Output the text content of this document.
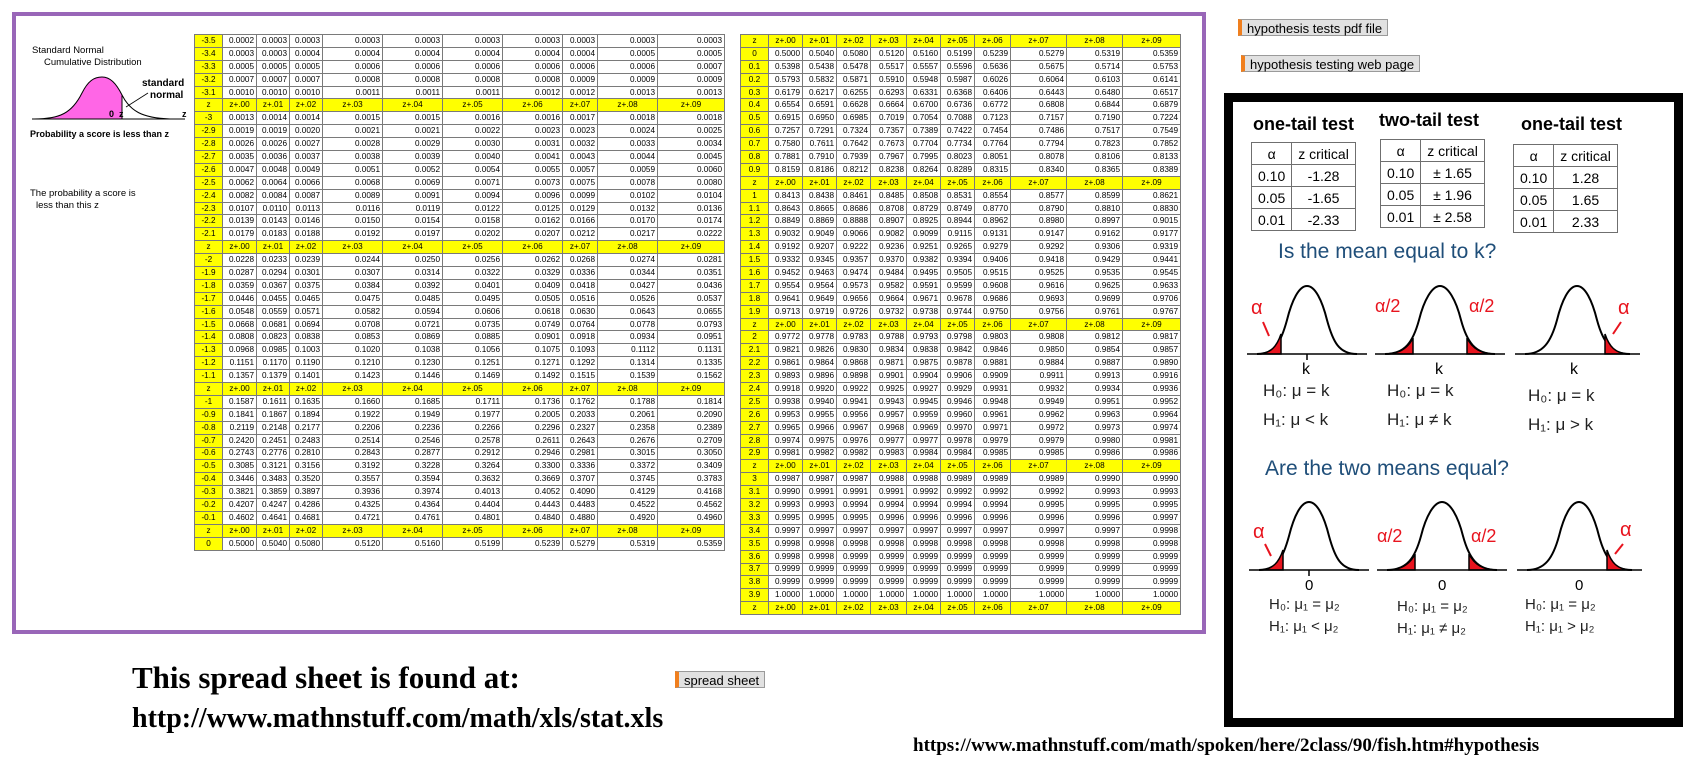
Standard Normal
Cumulative Distribution
standard
normal
0 z	z
Probability a score is less than z
The probability a score is
less than this z
-3.5	0.0002	0.0003	0.0003	0.0003	0.0003	0.0003	0.0003	0.0003	0.0003	0.0003
-3.4	0.0003	0.0003	0.0004	0.0004	0.0004	0.0004	0.0004	0.0004	0.0005	0.0005
-3.3	0.0005	0.0005	0.0005	0.0006	0.0006	0.0006	0.0006	0.0006	0.0006	0.0007
-3.2	0.0007	0.0007	0.0007	0.0008	0.0008	0.0008	0.0008	0.0009	0.0009	0.0009
-3.1	0.0010	0.0010	0.0010	0.0011	0.0011	0.0011	0.0012	0.0012	0.0013	0.0013
z	z+.00	z+.01	z+.02	z+.03	z+.04	z+.05	z+.06	z+.07	z+.08	z+.09
-3	0.0013	0.0014	0.0014	0.0015	0.0015	0.0016	0.0016	0.0017	0.0018	0.0018
-2.9	0.0019	0.0019	0.0020	0.0021	0.0021	0.0022	0.0023	0.0023	0.0024	0.0025
-2.8	0.0026	0.0026	0.0027	0.0028	0.0029	0.0030	0.0031	0.0032	0.0033	0.0034
-2.7	0.0035	0.0036	0.0037	0.0038	0.0039	0.0040	0.0041	0.0043	0.0044	0.0045
-2.6	0.0047	0.0048	0.0049	0.0051	0.0052	0.0054	0.0055	0.0057	0.0059	0.0060
-2.5	0.0062	0.0064	0.0066	0.0068	0.0069	0.0071	0.0073	0.0075	0.0078	0.0080
-2.4	0.0082	0.0084	0.0087	0.0089	0.0091	0.0094	0.0096	0.0099	0.0102	0.0104
-2.3	0.0107	0.0110	0.0113	0.0116	0.0119	0.0122	0.0125	0.0129	0.0132	0.0136
-2.2	0.0139	0.0143	0.0146	0.0150	0.0154	0.0158	0.0162	0.0166	0.0170	0.0174
-2.1	0.0179	0.0183	0.0188	0.0192	0.0197	0.0202	0.0207	0.0212	0.0217	0.0222
z	z+.00	z+.01	z+.02	z+.03	z+.04	z+.05	z+.06	z+.07	z+.08	z+.09
-2	0.0228	0.0233	0.0239	0.0244	0.0250	0.0256	0.0262	0.0268	0.0274	0.0281
-1.9	0.0287	0.0294	0.0301	0.0307	0.0314	0.0322	0.0329	0.0336	0.0344	0.0351
-1.8	0.0359	0.0367	0.0375	0.0384	0.0392	0.0401	0.0409	0.0418	0.0427	0.0436
-1.7	0.0446	0.0455	0.0465	0.0475	0.0485	0.0495	0.0505	0.0516	0.0526	0.0537
-1.6	0.0548	0.0559	0.0571	0.0582	0.0594	0.0606	0.0618	0.0630	0.0643	0.0655
-1.5	0.0668	0.0681	0.0694	0.0708	0.0721	0.0735	0.0749	0.0764	0.0778	0.0793
-1.4	0.0808	0.0823	0.0838	0.0853	0.0869	0.0885	0.0901	0.0918	0.0934	0.0951
-1.3	0.0968	0.0985	0.1003	0.1020	0.1038	0.1056	0.1075	0.1093	0.1112	0.1131
-1.2	0.1151	0.1170	0.1190	0.1210	0.1230	0.1251	0.1271	0.1292	0.1314	0.1335
-1.1	0.1357	0.1379	0.1401	0.1423	0.1446	0.1469	0.1492	0.1515	0.1539	0.1562
z	z+.00	z+.01	z+.02	z+.03	z+.04	z+.05	z+.06	z+.07	z+.08	z+.09
-1	0.1587	0.1611	0.1635	0.1660	0.1685	0.1711	0.1736	0.1762	0.1788	0.1814
-0.9	0.1841	0.1867	0.1894	0.1922	0.1949	0.1977	0.2005	0.2033	0.2061	0.2090
-0.8	0.2119	0.2148	0.2177	0.2206	0.2236	0.2266	0.2296	0.2327	0.2358	0.2389
-0.7	0.2420	0.2451	0.2483	0.2514	0.2546	0.2578	0.2611	0.2643	0.2676	0.2709
-0.6	0.2743	0.2776	0.2810	0.2843	0.2877	0.2912	0.2946	0.2981	0.3015	0.3050
-0.5	0.3085	0.3121	0.3156	0.3192	0.3228	0.3264	0.3300	0.3336	0.3372	0.3409
-0.4	0.3446	0.3483	0.3520	0.3557	0.3594	0.3632	0.3669	0.3707	0.3745	0.3783
-0.3	0.3821	0.3859	0.3897	0.3936	0.3974	0.4013	0.4052	0.4090	0.4129	0.4168
-0.2	0.4207	0.4247	0.4286	0.4325	0.4364	0.4404	0.4443	0.4483	0.4522	0.4562
-0.1	0.4602	0.4641	0.4681	0.4721	0.4761	0.4801	0.4840	0.4880	0.4920	0.4960
z	z+.00	z+.01	z+.02	z+.03	z+.04	z+.05	z+.06	z+.07	z+.08	z+.09
0	0.5000	0.5040	0.5080	0.5120	0.5160	0.5199	0.5239	0.5279	0.5319	0.5359
z	z+.00	z+.01	z+.02	z+.03	z+.04	z+.05	z+.06	z+.07	z+.08	z+.09
0	0.5000	0.5040	0.5080	0.5120	0.5160	0.5199	0.5239	0.5279	0.5319	0.5359
0.1	0.5398	0.5438	0.5478	0.5517	0.5557	0.5596	0.5636	0.5675	0.5714	0.5753
0.2	0.5793	0.5832	0.5871	0.5910	0.5948	0.5987	0.6026	0.6064	0.6103	0.6141
0.3	0.6179	0.6217	0.6255	0.6293	0.6331	0.6368	0.6406	0.6443	0.6480	0.6517
0.4	0.6554	0.6591	0.6628	0.6664	0.6700	0.6736	0.6772	0.6808	0.6844	0.6879
0.5	0.6915	0.6950	0.6985	0.7019	0.7054	0.7088	0.7123	0.7157	0.7190	0.7224
0.6	0.7257	0.7291	0.7324	0.7357	0.7389	0.7422	0.7454	0.7486	0.7517	0.7549
0.7	0.7580	0.7611	0.7642	0.7673	0.7704	0.7734	0.7764	0.7794	0.7823	0.7852
0.8	0.7881	0.7910	0.7939	0.7967	0.7995	0.8023	0.8051	0.8078	0.8106	0.8133
0.9	0.8159	0.8186	0.8212	0.8238	0.8264	0.8289	0.8315	0.8340	0.8365	0.8389
z	z+.00	z+.01	z+.02	z+.03	z+.04	z+.05	z+.06	z+.07	z+.08	z+.09
1	0.8413	0.8438	0.8461	0.8485	0.8508	0.8531	0.8554	0.8577	0.8599	0.8621
1.1	0.8643	0.8665	0.8686	0.8708	0.8729	0.8749	0.8770	0.8790	0.8810	0.8830
1.2	0.8849	0.8869	0.8888	0.8907	0.8925	0.8944	0.8962	0.8980	0.8997	0.9015
1.3	0.9032	0.9049	0.9066	0.9082	0.9099	0.9115	0.9131	0.9147	0.9162	0.9177
1.4	0.9192	0.9207	0.9222	0.9236	0.9251	0.9265	0.9279	0.9292	0.9306	0.9319
1.5	0.9332	0.9345	0.9357	0.9370	0.9382	0.9394	0.9406	0.9418	0.9429	0.9441
1.6	0.9452	0.9463	0.9474	0.9484	0.9495	0.9505	0.9515	0.9525	0.9535	0.9545
1.7	0.9554	0.9564	0.9573	0.9582	0.9591	0.9599	0.9608	0.9616	0.9625	0.9633
1.8	0.9641	0.9649	0.9656	0.9664	0.9671	0.9678	0.9686	0.9693	0.9699	0.9706
1.9	0.9713	0.9719	0.9726	0.9732	0.9738	0.9744	0.9750	0.9756	0.9761	0.9767
z	z+.00	z+.01	z+.02	z+.03	z+.04	z+.05	z+.06	z+.07	z+.08	z+.09
2	0.9772	0.9778	0.9783	0.9788	0.9793	0.9798	0.9803	0.9808	0.9812	0.9817
2.1	0.9821	0.9826	0.9830	0.9834	0.9838	0.9842	0.9846	0.9850	0.9854	0.9857
2.2	0.9861	0.9864	0.9868	0.9871	0.9875	0.9878	0.9881	0.9884	0.9887	0.9890
2.3	0.9893	0.9896	0.9898	0.9901	0.9904	0.9906	0.9909	0.9911	0.9913	0.9916
2.4	0.9918	0.9920	0.9922	0.9925	0.9927	0.9929	0.9931	0.9932	0.9934	0.9936
2.5	0.9938	0.9940	0.9941	0.9943	0.9945	0.9946	0.9948	0.9949	0.9951	0.9952
2.6	0.9953	0.9955	0.9956	0.9957	0.9959	0.9960	0.9961	0.9962	0.9963	0.9964
2.7	0.9965	0.9966	0.9967	0.9968	0.9969	0.9970	0.9971	0.9972	0.9973	0.9974
2.8	0.9974	0.9975	0.9976	0.9977	0.9977	0.9978	0.9979	0.9979	0.9980	0.9981
2.9	0.9981	0.9982	0.9982	0.9983	0.9984	0.9984	0.9985	0.9985	0.9986	0.9986
z	z+.00	z+.01	z+.02	z+.03	z+.04	z+.05	z+.06	z+.07	z+.08	z+.09
3	0.9987	0.9987	0.9987	0.9988	0.9988	0.9989	0.9989	0.9989	0.9990	0.9990
3.1	0.9990	0.9991	0.9991	0.9991	0.9992	0.9992	0.9992	0.9992	0.9993	0.9993
3.2	0.9993	0.9993	0.9994	0.9994	0.9994	0.9994	0.9994	0.9995	0.9995	0.9995
3.3	0.9995	0.9995	0.9995	0.9996	0.9996	0.9996	0.9996	0.9996	0.9996	0.9997
3.4	0.9997	0.9997	0.9997	0.9997	0.9997	0.9997	0.9997	0.9997	0.9997	0.9998
3.5	0.9998	0.9998	0.9998	0.9998	0.9998	0.9998	0.9998	0.9998	0.9998	0.9998
3.6	0.9998	0.9998	0.9999	0.9999	0.9999	0.9999	0.9999	0.9999	0.9999	0.9999
3.7	0.9999	0.9999	0.9999	0.9999	0.9999	0.9999	0.9999	0.9999	0.9999	0.9999
3.8	0.9999	0.9999	0.9999	0.9999	0.9999	0.9999	0.9999	0.9999	0.9999	0.9999
3.9	1.0000	1.0000	1.0000	1.0000	1.0000	1.0000	1.0000	1.0000	1.0000	1.0000
z	z+.00	z+.01	z+.02	z+.03	z+.04	z+.05	z+.06	z+.07	z+.08	z+.09
hypothesis tests pdf file
hypothesis testing web page
spread sheet
one-tail test
α	z critical
0.10	-1.28
0.05	-1.65
0.01	-2.33
two-tail test
α	z critical
0.10	± 1.65
0.05	± 1.96
0.01	± 2.58
one-tail test
α	z critical
0.10	1.28
0.05	1.65
0.01	2.33
Is the mean equal to k?
α
k
α/2	α/2
k
α
k
H₀: μ = k
H₁: μ < k
H₀: μ = k
H₁: μ ≠ k
H₀: μ = k
H₁: μ > k
Are the two means equal?
α
0
α/2	α/2
0
α
0
H₀: μ₁ = μ₂
H₁: μ₁ < μ₂
H₀: μ₁ = μ₂
H₁: μ₁ ≠ μ₂
H₀: μ₁ = μ₂
H₁: μ₁ > μ₂
This spread sheet is found at:
http://www.mathnstuff.com/math/xls/stat.xls
https://www.mathnstuff.com/math/spoken/here/2class/90/fish.htm#hypothesis
